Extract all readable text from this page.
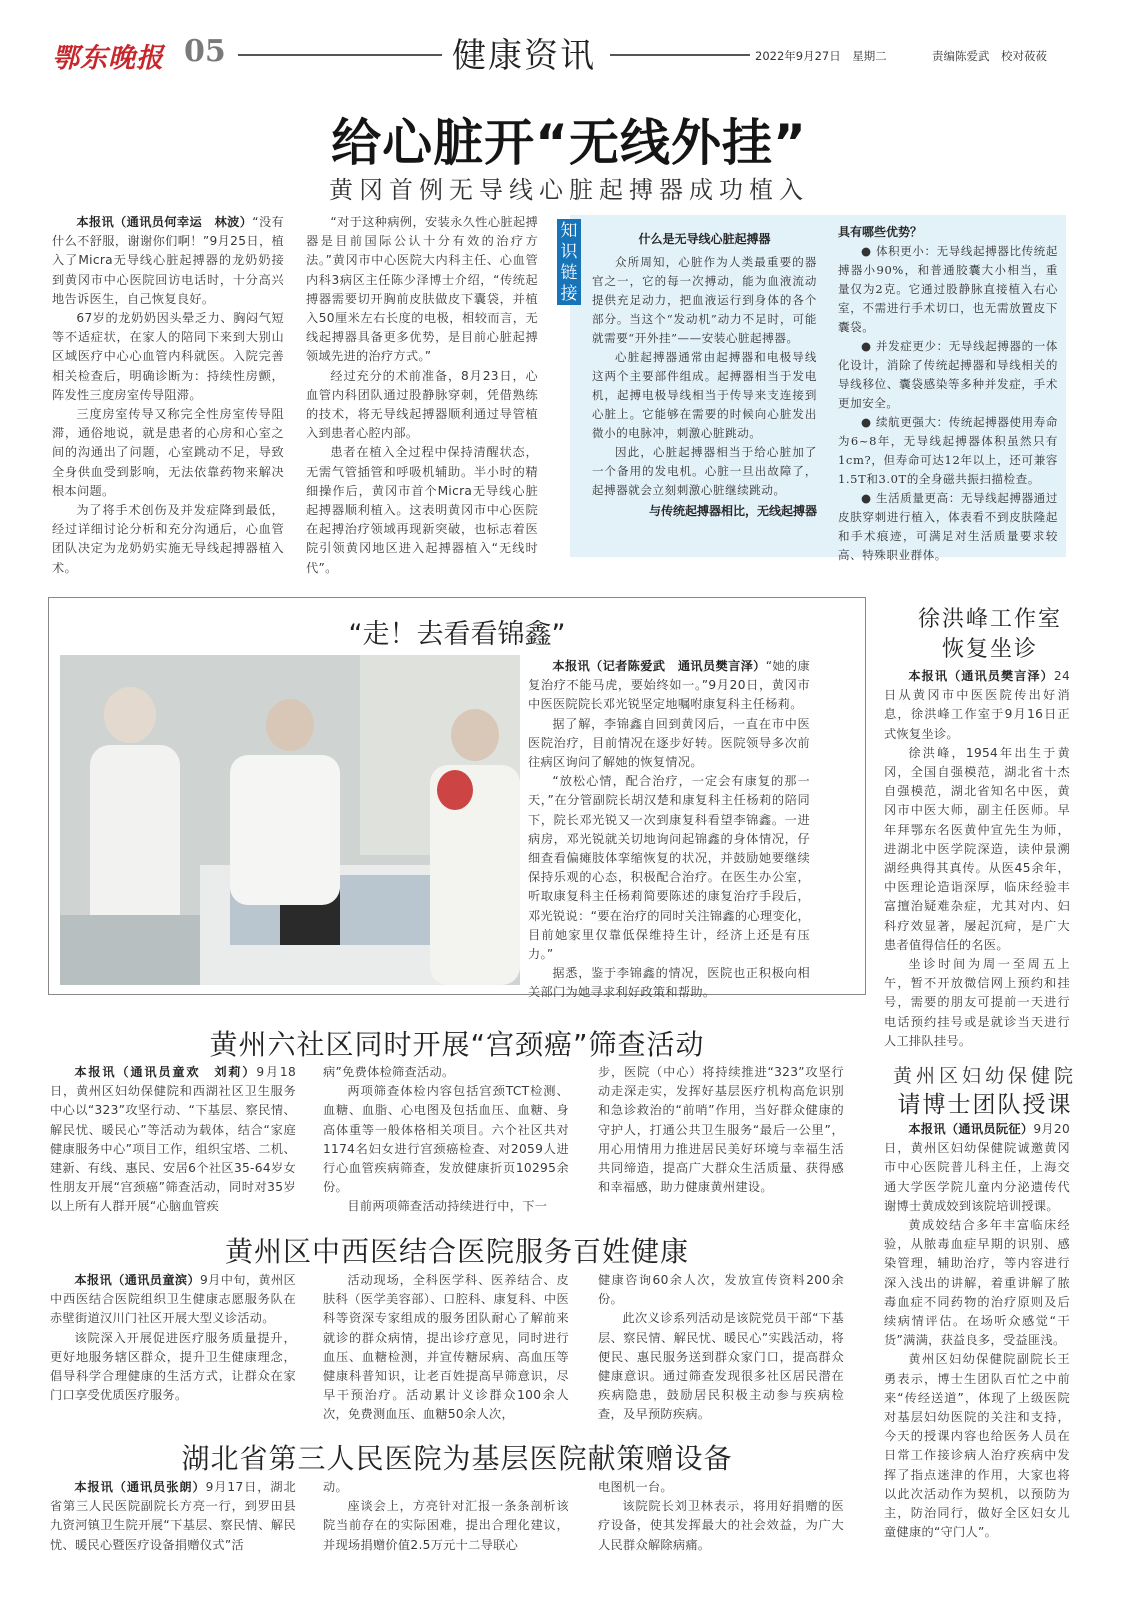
鄂东晚报 05	健康资讯	2022年9月27日　星期二	责编陈爱武　校对莜莜
给心脏开“无线外挂”
黄冈首例无导线心脏起搏器成功植入

本报讯（通讯员何幸运　林波）“没有什么不舒服，谢谢你们啊！”9月25日，植入了Micra无导线心脏起搏器的龙奶奶接到黄冈市中心医院回访电话时，十分高兴地告诉医生，自己恢复良好。

67岁的龙奶奶因头晕乏力、胸闷气短等不适症状，在家人的陪同下来到大别山区域医疗中心心血管内科就医。入院完善相关检查后，明确诊断为：持续性房颤，阵发性三度房室传导阻滞。

三度房室传导又称完全性房室传导阻滞，通俗地说，就是患者的心房和心室之间的沟通出了问题，心室跳动不足，导致全身供血受到影响，无法依靠药物来解决根本问题。

为了将手术创伤及并发症降到最低，经过详细讨论分析和充分沟通后，心血管团队决定为龙奶奶实施无导线起搏器植入术。

“对于这种病例，安装永久性心脏起搏器是目前国际公认十分有效的治疗方法。”黄冈市中心医院大内科主任、心血管内科3病区主任陈少泽博士介绍，“传统起搏器需要切开胸前皮肤做皮下囊袋，并植入50厘米左右长度的电极，相较而言，无线起搏器具备更多优势，是目前心脏起搏领域先进的治疗方式。”

经过充分的术前准备，8月23日，心血管内科团队通过股静脉穿刺，凭借熟练的技术，将无导线起搏器顺利通过导管植入到患者心腔内部。

患者在植入全过程中保持清醒状态，无需气管插管和呼吸机辅助。半小时的精细操作后，黄冈市首个Micra无导线心脏起搏器顺利植入。这表明黄冈市中心医院在起搏治疗领域再现新突破，也标志着医院引领黄冈地区进入起搏器植入“无线时代”。

知识链接
什么是无导线心脏起搏器

众所周知，心脏作为人类最重要的器官之一，它的每一次搏动，能为血液流动提供充足动力，把血液运行到身体的各个部分。当这个“发动机”动力不足时，可能就需要“开外挂”——安装心脏起搏器。

心脏起搏器通常由起搏器和电极导线这两个主要部件组成。起搏器相当于发电机，起搏电极导线相当于传导来支连接到心脏上。它能够在需要的时候向心脏发出微小的电脉冲，刺激心脏跳动。

因此，心脏起搏器相当于给心脏加了一个备用的发电机。心脏一旦出故障了，起搏器就会立刻刺激心脏继续跳动。

与传统起搏器相比，无线起搏器
具有哪些优势？

● 体积更小：无导线起搏器比传统起搏器小90%，和普通胶囊大小相当，重量仅为2克。它通过股静脉直接植入右心室，不需进行手术切口，也无需放置皮下囊袋。

● 并发症更少：无导线起搏器的一体化设计，消除了传统起搏器和导线相关的导线移位、囊袋感染等多种并发症，手术更加安全。

● 续航更强大：传统起搏器使用寿命为6~8年，无导线起搏器体积虽然只有1cm?，但寿命可达12年以上，还可兼容1.5T和3.0T的全身磁共振扫描检查。

● 生活质量更高：无导线起搏器通过皮肤穿刺进行植入，体表看不到皮肤隆起和手术痕迹，可满足对生活质量要求较高、特殊职业群体。

“走！去看看锦鑫”

本报讯（记者陈爱武　通讯员樊言泽）“她的康复治疗不能马虎，要始终如一。”9月20日，黄冈市中医医院院长邓光锐坚定地嘱咐康复科主任杨莉。

据了解，李锦鑫自回到黄冈后，一直在市中医医院治疗，目前情况在逐步好转。医院领导多次前往病区询问了解她的恢复情况。

“放松心情，配合治疗，一定会有康复的那一天，”在分管副院长胡汉楚和康复科主任杨莉的陪同下，院长邓光锐又一次到康复科看望李锦鑫。一进病房，邓光锐就关切地询问起锦鑫的身体情况，仔细查看偏瘫肢体挛缩恢复的状况，并鼓励她要继续保持乐观的心态，积极配合治疗。在医生办公室，听取康复科主任杨莉简要陈述的康复治疗手段后，邓光锐说：“要在治疗的同时关注锦鑫的心理变化，目前她家里仅靠低保维持生计，经济上还是有压力。”

据悉，鉴于李锦鑫的情况，医院也正积极向相关部门为她寻求利好政策和帮助。

徐洪峰工作室
恢复坐诊

本报讯（通讯员樊言泽）24日从黄冈市中医医院传出好消息，徐洪峰工作室于9月16日正式恢复坐诊。

徐洪峰，1954年出生于黄冈，全国自强模范，湖北省十杰自强模范，湖北省知名中医，黄冈市中医大师，副主任医师。早年拜鄂东名医黄仲宣先生为师，进湖北中医学院深造，读仲景溯湖经典得其真传。从医45余年，中医理论造诣深厚，临床经验丰富擅治疑难杂症，尤其对内、妇科疗效显著，屡起沉疴，是广大患者值得信任的名医。

坐诊时间为周一至周五上午，暂不开放微信网上预约和挂号，需要的朋友可提前一天进行电话预约挂号或是就诊当天进行人工排队挂号。

黄州区妇幼保健院
请博士团队授课

本报讯（通讯员阮征）9月20日，黄州区妇幼保健院诚邀黄冈市中心医院普儿科主任，上海交通大学医学院儿童内分泌遗传代谢博士黄成姣到该院培训授课。

黄成姣结合多年丰富临床经验，从脓毒血症早期的识别、感染管理，辅助治疗，等内容进行深入浅出的讲解，着重讲解了脓毒血症不同药物的治疗原则及后续病情评估。在场听众感觉“干货”满满，获益良多，受益匪浅。

黄州区妇幼保健院副院长王勇表示，博士生团队百忙之中前来“传经送道”，体现了上级医院对基层妇幼医院的关注和支持，今天的授课内容也给医务人员在日常工作接诊病人治疗疾病中发挥了指点迷津的作用，大家也将以此次活动作为契机，以预防为主，防治同行，做好全区妇女儿童健康的“守门人”。

黄州六社区同时开展“宫颈癌”筛查活动

本报讯（通讯员童欢　刘莉）9月18日，黄州区妇幼保健院和西湖社区卫生服务中心以“323”攻坚行动、“下基层、察民情、解民忧、暖民心”等活动为载体，结合“家庭健康服务中心”项目工作，组织宝塔、二机、建新、有线、惠民、安居6个社区35-64岁女性朋友开展“宫颈癌”筛查活动，同时对35岁以上所有人群开展“心脑血管疾

病”免费体检筛查活动。

两项筛查体检内容包括宫颈TCT检测、血糖、血脂、心电图及包括血压、血糖、身高体重等一般体格相关项目。六个社区共对1174名妇女进行宫颈癌检查、对2059人进行心血管疾病筛查，发放健康折页10295余份。

目前两项筛查活动持续进行中，下一

步，医院（中心）将持续推进“323”攻坚行动走深走实，发挥好基层医疗机构高危识别和急诊救治的“前哨”作用，当好群众健康的守护人，打通公共卫生服务“最后一公里”，用心用情用力推进居民美好环境与幸福生活共同缔造，提高广大群众生活质量、获得感和幸福感，助力健康黄州建设。

黄州区中西医结合医院服务百姓健康

本报讯（通讯员童滨）9月中旬，黄州区中西医结合医院组织卫生健康志愿服务队在赤壁街道汉川门社区开展大型义诊活动。

该院深入开展促进医疗服务质量提升，更好地服务辖区群众，提升卫生健康理念，倡导科学合理健康的生活方式，让群众在家门口享受优质医疗服务。

活动现场，全科医学科、医养结合、皮肤科（医学美容部）、口腔科、康复科、中医科等资深专家组成的服务团队耐心了解前来就诊的群众病情，提出诊疗意见，同时进行血压、血糖检测，并宣传糖尿病、高血压等健康科普知识，让老百姓提高早筛意识，尽早干预治疗。活动累计义诊群众100余人次，免费测血压、血糖50余人次，

健康咨询60余人次，发放宣传资料200余份。

此次义诊系列活动是该院党员干部“下基层、察民情、解民忧、暖民心”实践活动，将便民、惠民服务送到群众家门口，提高群众健康意识。通过筛查发现很多社区居民潜在疾病隐患，鼓励居民积极主动参与疾病检查，及早预防疾病。

湖北省第三人民医院为基层医院献策赠设备

本报讯（通讯员张朗）9月17日，湖北省第三人民医院副院长方亮一行，到罗田县九资河镇卫生院开展“下基层、察民情、解民忧、暖民心暨医疗设备捐赠仪式”活

动。

座谈会上，方亮针对汇报一条条剖析该院当前存在的实际困难，提出合理化建议，并现场捐赠价值2.5万元十二导联心

电图机一台。

该院院长刘卫林表示，将用好捐赠的医疗设备，使其发挥最大的社会效益，为广大人民群众解除病痛。
